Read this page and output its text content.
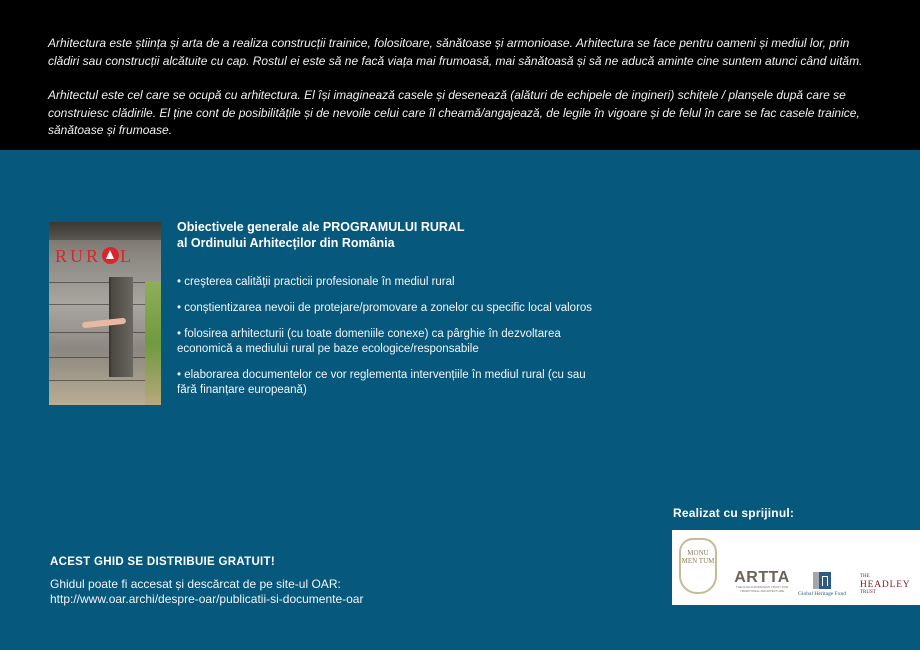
Arhitectura este știința și arta de a realiza construcții trainice, folositoare, sănătoase și armonioase. Arhitectura se face pentru oameni și mediul lor, prin clădiri sau construcții alcătuite cu cap. Rostul ei este să ne facă viața mai frumoasă, mai sănătoasă și să ne aducă aminte cine suntem atunci când uităm.

Arhitectul este cel care se ocupă cu arhitectura. El își imaginează casele și desenează (alături de echipele de ingineri) schițele / planșele după care se construiesc clădirile. El ține cont de posibilitățile și de nevoile celui care îl cheamă/angajează, de legile în vigoare și de felul în care se fac casele trainice, sănătoase și frumoase.

RUR L
Obiectivele generale ale PROGRAMULUI RURAL
al Ordinului Arhitecților din România
• creşterea calităţii practicii profesionale în mediul rural
• conștientizarea nevoii de protejare/promovare a zonelor cu specific local valoros
• folosirea arhitecturii (cu toate domeniile conexe) ca pârghie în dezvoltarea economică a mediului rural pe baze ecologice/responsabile
• elaborarea documentelor ce vor reglementa intervențiile în mediul rural (cu sau fără finanțare europeană)
ACEST GHID SE DISTRIBUIE GRATUIT!
Ghidul poate fi accesat și descărcat de pe site-ul OAR:
http://www.oar.archi/despre-oar/publicatii-si-documente-oar
Realizat cu sprijinul:
MONU MEN TUM
ARTTA
THE ANGLO-ROMANIAN TRUST FOR TRADITIONAL ARCHITECTURE
Global Heritage Fund
THE
HEADLEY
TRUST
